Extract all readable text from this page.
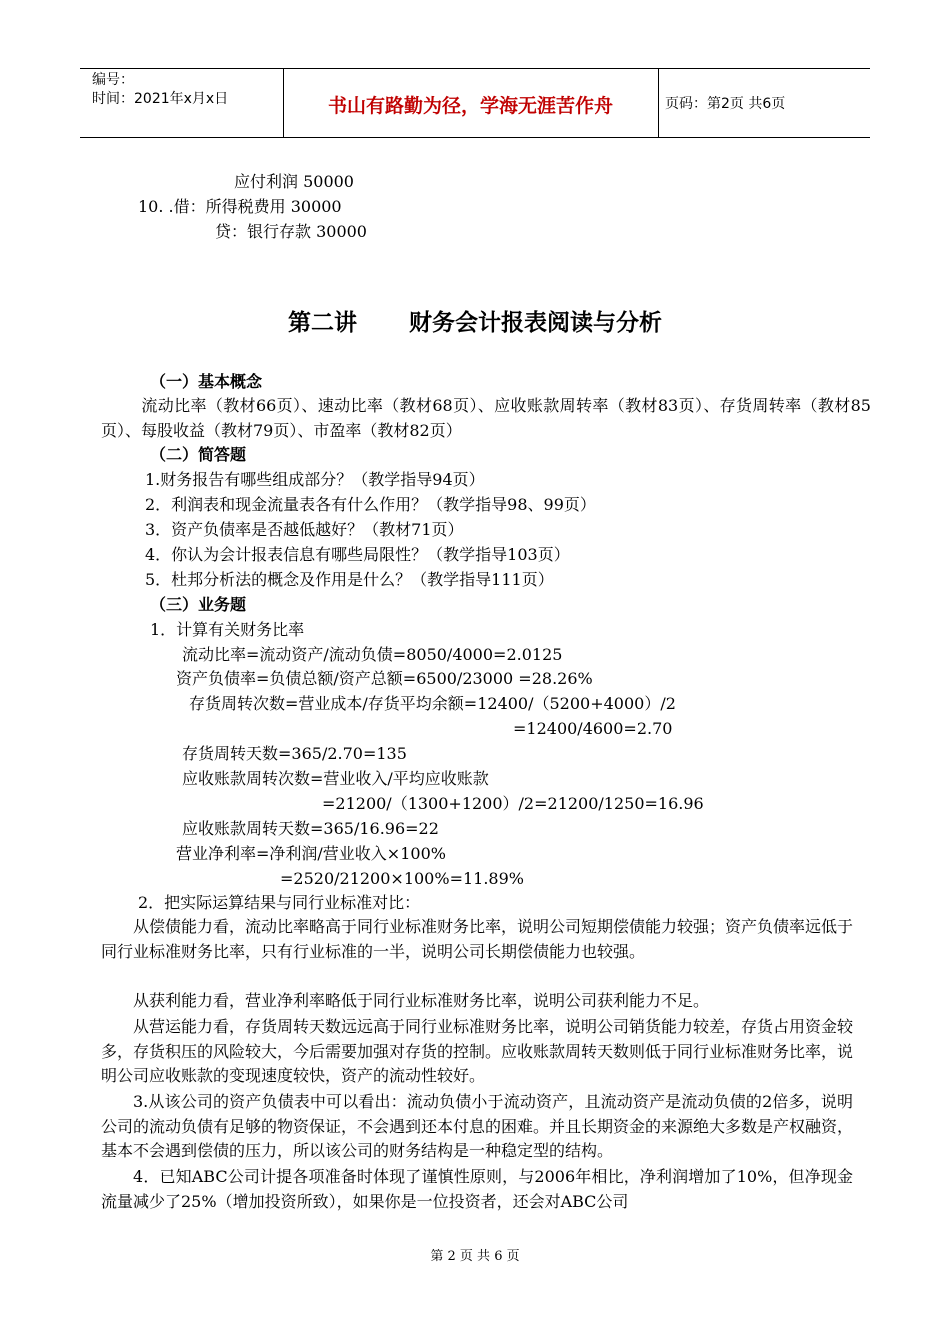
编号：
时间：2021年x月x日	书山有路勤为径，学海无涯苦作舟	页码：第2页 共6页
应付利润 50000
10. .借：所得税费用 30000
贷：银行存款 30000
第二讲 财务会计报表阅读与分析
（一）基本概念
流动比率（教材66页）、速动比率（教材68页）、应收账款周转率（教材83页）、存货周转率（教材85页）、每股收益（教材79页）、市盈率（教材82页）
（二）简答题
1.财务报告有哪些组成部分？（教学指导94页）
2．利润表和现金流量表各有什么作用？（教学指导98、99页）
3．资产负债率是否越低越好？（教材71页）
4．你认为会计报表信息有哪些局限性？（教学指导103页）
5．杜邦分析法的概念及作用是什么？（教学指导111页）
（三）业务题
1．计算有关财务比率
流动比率=流动资产/流动负债=8050/4000=2.0125
资产负债率=负债总额/资产总额=6500/23000 =28.26%
存货周转次数=营业成本/存货平均余额=12400/（5200+4000）/2
=12400/4600=2.70
存货周转天数=365/2.70=135
应收账款周转次数=营业收入/平均应收账款
=21200/（1300+1200）/2=21200/1250=16.96
应收账款周转天数=365/16.96=22
营业净利率=净利润/营业收入×100%
=2520/21200×100%=11.89%
2．把实际运算结果与同行业标准对比：
从偿债能力看，流动比率略高于同行业标准财务比率，说明公司短期偿债能力较强；资产负债率远低于同行业标准财务比率，只有行业标准的一半，说明公司长期偿债能力也较强。
从获利能力看，营业净利率略低于同行业标准财务比率，说明公司获利能力不足。
从营运能力看，存货周转天数远远高于同行业标准财务比率，说明公司销货能力较差，存货占用资金较多，存货积压的风险较大，今后需要加强对存货的控制。应收账款周转天数则低于同行业标准财务比率，说明公司应收账款的变现速度较快，资产的流动性较好。
3.从该公司的资产负债表中可以看出：流动负债小于流动资产，且流动资产是流动负债的2倍多，说明公司的流动负债有足够的物资保证，不会遇到还本付息的困难。并且长期资金的来源绝大多数是产权融资，基本不会遇到偿债的压力，所以该公司的财务结构是一种稳定型的结构。
4．已知ABC公司计提各项准备时体现了谨慎性原则，与2006年相比，净利润增加了10%，但净现金流量减少了25%（增加投资所致），如果你是一位投资者，还会对ABC公司
第 2 页 共 6 页
